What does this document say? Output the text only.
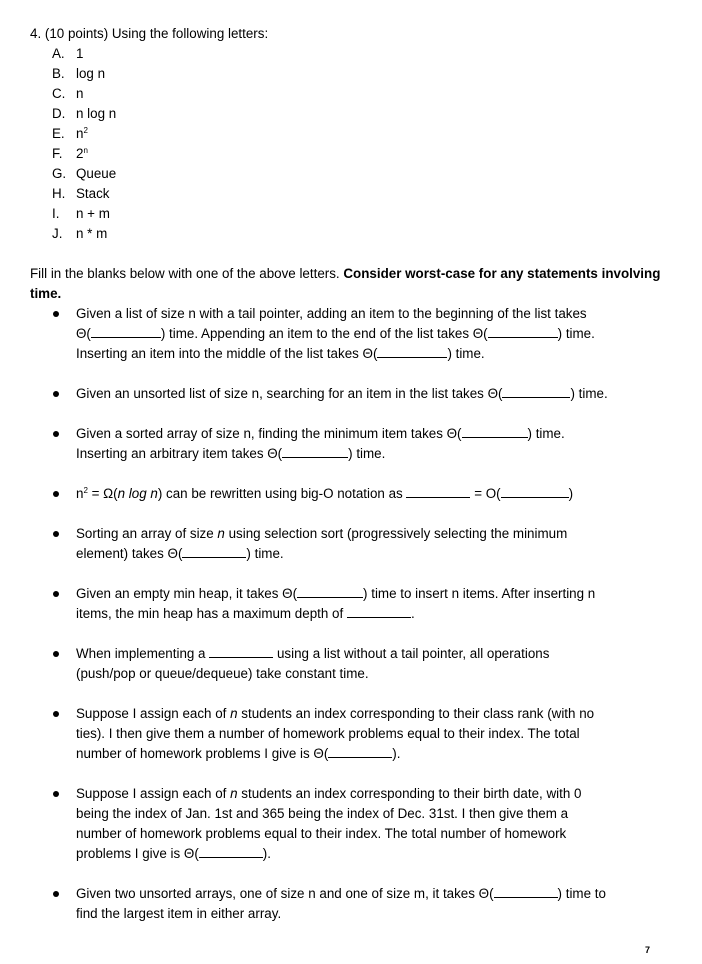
4. (10 points) Using the following letters:
A. 1
B. log n
C. n
D. n log n
E. $n^2$
F. 2$^n$
G. Queue
H. Stack
I. n + m
J. n * m
Fill in the blanks below with one of the above letters. Consider worst-case for any statements involving time.
Given a list of size n with a tail pointer, adding an item to the beginning of the list takes
Θ(	) time. Appending an item to the end of the list takes Θ(	) time.
Inserting an item into the middle of the list takes Θ(	) time.
Given an unsorted list of size n, searching for an item in the list takes Θ(	) time.
Given a sorted array of size n, finding the minimum item takes Θ(	) time.
Inserting an arbitrary item takes Θ(	) time.
$n^2 = \Omega(n$ log n) can be rewritten using big-O notation as	= O(	)
Sorting an array of size n using selection sort (progressively selecting the minimum
element) takes Θ(	) time.
Given an empty min heap, it takes Θ(	) time to insert n items. After inserting n
items, the min heap has a maximum depth of	.
When implementing a	using a list without a tail pointer, all operations
(push/pop or queue/dequeue) take constant time.
Suppose I assign each of n students an index corresponding to their class rank (with no
ties). I then give them a number of homework problems equal to their index. The total
number of homework problems I give is Θ(	).
Suppose I assign each of n students an index corresponding to their birth date, with 0
being the index of Jan. 1st and 365 being the index of Dec. 31st. I then give them a
number of homework problems equal to their index. The total number of homework
problems I give is Θ(	).
Given two unsorted arrays, one of size n and one of size m, it takes Θ(	) time to
find the largest item in either array.
7
